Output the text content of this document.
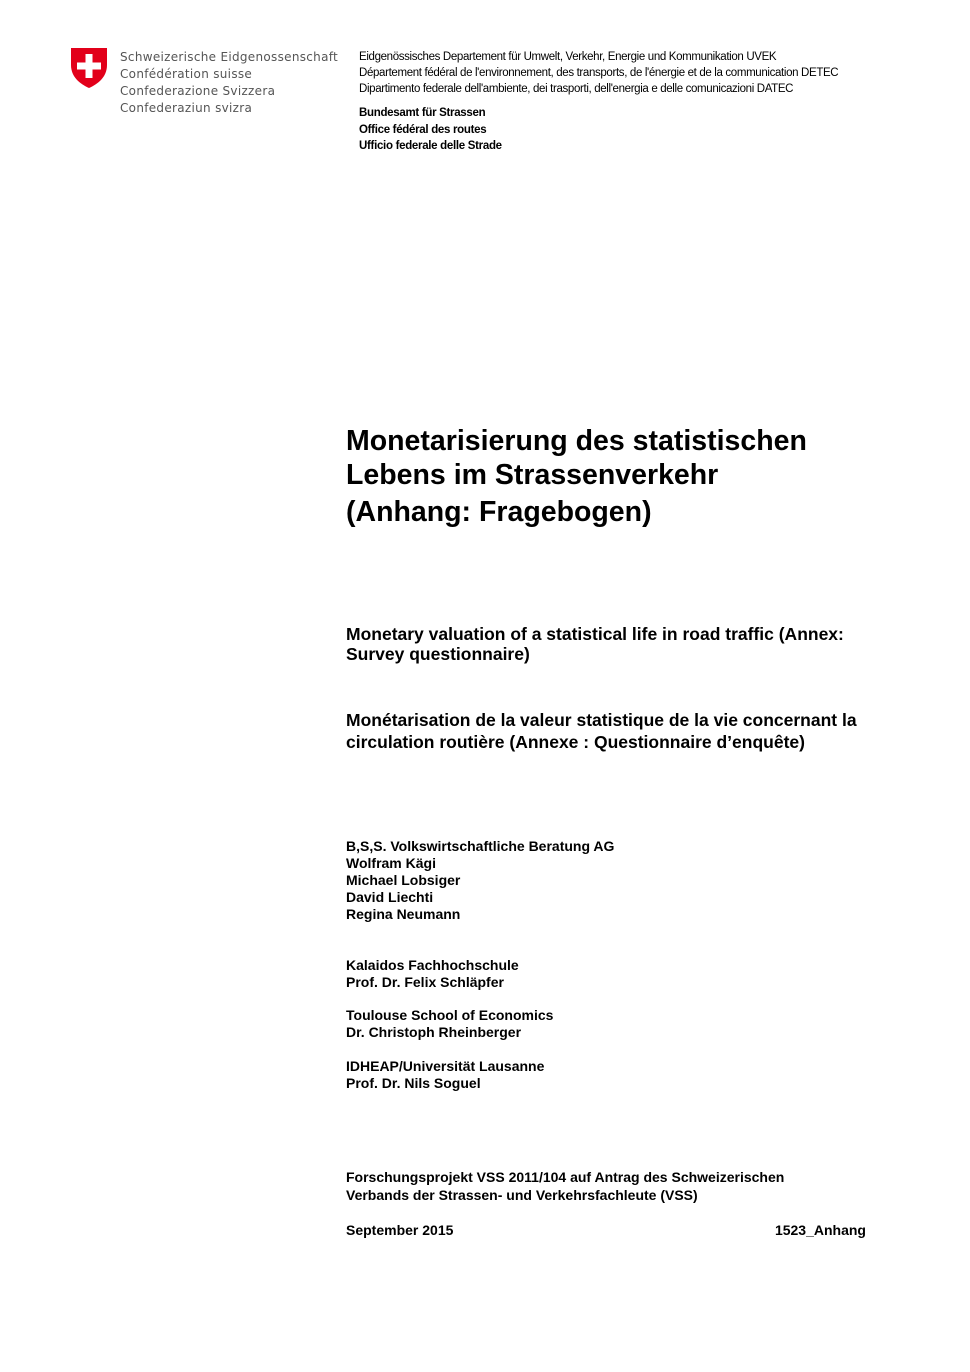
Schweizerische Eidgenossenschaft
Confédération suisse
Confederazione Svizzera
Confederaziun svizra
Eidgenössisches Departement für Umwelt, Verkehr, Energie und Kommunikation UVEK
Département fédéral de l'environnement, des transports, de l'énergie et de la communication DETEC
Dipartimento federale dell'ambiente, dei trasporti, dell'energia e delle comunicazioni DATEC
Bundesamt für Strassen
Office fédéral des routes
Ufficio federale delle Strade
Monetarisierung des statistischen
Lebens im Strassenverkehr
(Anhang: Fragebogen)

Monetary valuation of a statistical life in road traffic (Annex: Survey questionnaire)

Monétarisation de la valeur statistique de la vie concernant la circulation routière (Annexe : Questionnaire d’enquête)

B,S,S. Volkswirtschaftliche Beratung AG
Wolfram Kägi
Michael Lobsiger
David Liechti
Regina Neumann
Kalaidos Fachhochschule
Prof. Dr. Felix Schläpfer
Toulouse School of Economics
Dr. Christoph Rheinberger
IDHEAP/Universität Lausanne
Prof. Dr. Nils Soguel
Forschungsprojekt VSS 2011/104 auf Antrag des Schweizerischen
Verbands der Strassen- und Verkehrsfachleute (VSS)
September 2015	1523_Anhang
